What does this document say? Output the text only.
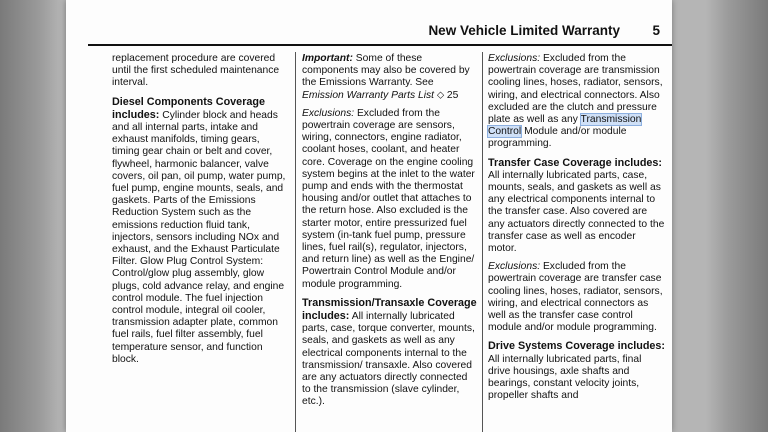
New Vehicle Limited Warranty 5

replacement procedure are covered until the first scheduled maintenance interval.

Diesel Components Coverage includes: Cylinder block and heads and all internal parts, intake and exhaust manifolds, timing gears, timing gear chain or belt and cover, flywheel, harmonic balancer, valve covers, oil pan, oil pump, water pump, fuel pump, engine mounts, seals, and gaskets. Parts of the Emissions Reduction System such as the emissions reduction fluid tank, injectors, sensors including NOx and exhaust, and the Exhaust Particulate Filter. Glow Plug Control System: Control/glow plug assembly, glow plugs, cold advance relay, and engine control module. The fuel injection control module, integral oil cooler, transmission adapter plate, common fuel rails, fuel filter assembly, fuel temperature sensor, and function block.

Important: Some of these components may also be covered by the Emissions Warranty. See Emission Warranty Parts List ⬦ 25

Exclusions: Excluded from the powertrain coverage are sensors, wiring, connectors, engine radiator, coolant hoses, coolant, and heater core. Coverage on the engine cooling system begins at the inlet to the water pump and ends with the thermostat housing and/or outlet that attaches to the return hose. Also excluded is the starter motor, entire pressurized fuel system (in-tank fuel pump, pressure lines, fuel rail(s), regulator, injectors, and return line) as well as the Engine/ Powertrain Control Module and/or module programming.

Transmission/Transaxle Coverage includes: All internally lubricated parts, case, torque converter, mounts, seals, and gaskets as well as any electrical components internal to the transmission/ transaxle. Also covered are any actuators directly connected to the transmission (slave cylinder, etc.).

Exclusions: Excluded from the powertrain coverage are transmission cooling lines, hoses, radiator, sensors, wiring, and electrical connectors. Also excluded are the clutch and pressure plate as well as any Transmission Control Module and/or module programming.

Transfer Case Coverage includes: All internally lubricated parts, case, mounts, seals, and gaskets as well as any electrical components internal to the transfer case. Also covered are any actuators directly connected to the transfer case as well as encoder motor.

Exclusions: Excluded from the powertrain coverage are transfer case cooling lines, hoses, radiator, sensors, wiring, and electrical connectors as well as the transfer case control module and/or module programming.

Drive Systems Coverage includes: All internally lubricated parts, final drive housings, axle shafts and bearings, constant velocity joints, propeller shafts and
